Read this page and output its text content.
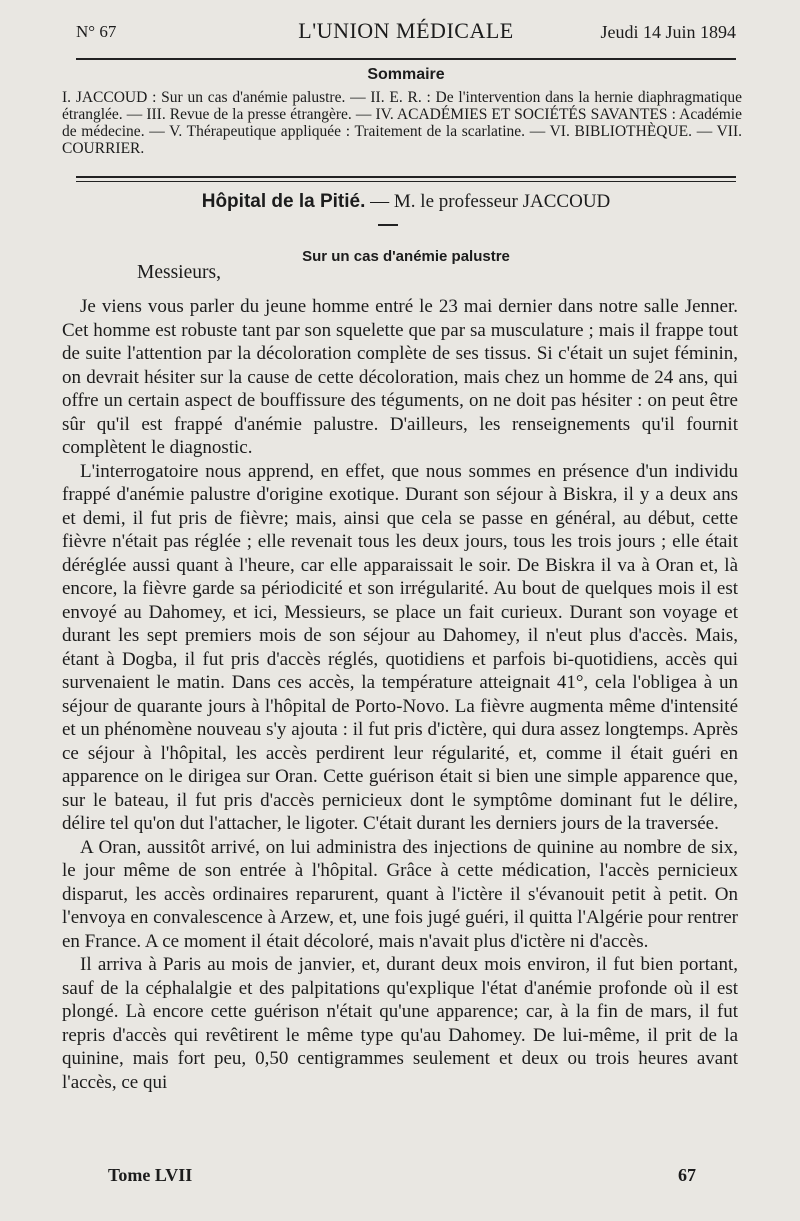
N° 67	L'UNION MÉDICALE	Jeudi 14 Juin 1894
Sommaire
I. JACCOUD : Sur un cas d'anémie palustre. — II. E. R. : De l'intervention dans la hernie diaphragmatique étranglée. — III. Revue de la presse étrangère. — IV. ACADÉMIES ET SOCIÉTÉS SAVANTES : Académie de médecine. — V. Thérapeutique appliquée : Traitement de la scarlatine. — VI. BIBLIOTHÈQUE. — VII. COURRIER.
Hôpital de la Pitié. — M. le professeur JACCOUD
Sur un cas d'anémie palustre
Messieurs,

Je viens vous parler du jeune homme entré le 23 mai dernier dans notre salle Jenner. Cet homme est robuste tant par son squelette que par sa musculature ; mais il frappe tout de suite l'attention par la décoloration complète de ses tissus. Si c'était un sujet féminin, on devrait hésiter sur la cause de cette décoloration, mais chez un homme de 24 ans, qui offre un certain aspect de bouffissure des téguments, on ne doit pas hésiter : on peut être sûr qu'il est frappé d'anémie palustre. D'ailleurs, les renseignements qu'il fournit complètent le diagnostic.

L'interrogatoire nous apprend, en effet, que nous sommes en présence d'un individu frappé d'anémie palustre d'origine exotique. Durant son séjour à Biskra, il y a deux ans et demi, il fut pris de fièvre; mais, ainsi que cela se passe en général, au début, cette fièvre n'était pas réglée ; elle revenait tous les deux jours, tous les trois jours ; elle était déréglée aussi quant à l'heure, car elle apparaissait le soir. De Biskra il va à Oran et, là encore, la fièvre garde sa périodicité et son irrégularité. Au bout de quelques mois il est envoyé au Dahomey, et ici, Messieurs, se place un fait curieux. Durant son voyage et durant les sept premiers mois de son séjour au Dahomey, il n'eut plus d'accès. Mais, étant à Dogba, il fut pris d'accès réglés, quotidiens et parfois bi-quotidiens, accès qui survenaient le matin. Dans ces accès, la température atteignait 41°, cela l'obligea à un séjour de quarante jours à l'hôpital de Porto-Novo. La fièvre augmenta même d'intensité et un phénomène nouveau s'y ajouta : il fut pris d'ictère, qui dura assez longtemps. Après ce séjour à l'hôpital, les accès perdirent leur régularité, et, comme il était guéri en apparence on le dirigea sur Oran. Cette guérison était si bien une simple apparence que, sur le bateau, il fut pris d'accès pernicieux dont le symptôme dominant fut le délire, délire tel qu'on dut l'attacher, le ligoter. C'était durant les derniers jours de la traversée.

A Oran, aussitôt arrivé, on lui administra des injections de quinine au nombre de six, le jour même de son entrée à l'hôpital. Grâce à cette médication, l'accès pernicieux disparut, les accès ordinaires reparurent, quant à l'ictère il s'évanouit petit à petit. On l'envoya en convalescence à Arzew, et, une fois jugé guéri, il quitta l'Algérie pour rentrer en France. A ce moment il était décoloré, mais n'avait plus d'ictère ni d'accès.

Il arriva à Paris au mois de janvier, et, durant deux mois environ, il fut bien portant, sauf de la céphalalgie et des palpitations qu'explique l'état d'anémie profonde où il est plongé. Là encore cette guérison n'était qu'une apparence; car, à la fin de mars, il fut repris d'accès qui revêtirent le même type qu'au Dahomey. De lui-même, il prit de la quinine, mais fort peu, 0,50 centigrammes seulement et deux ou trois heures avant l'accès, ce qui

Tome LVII	67
